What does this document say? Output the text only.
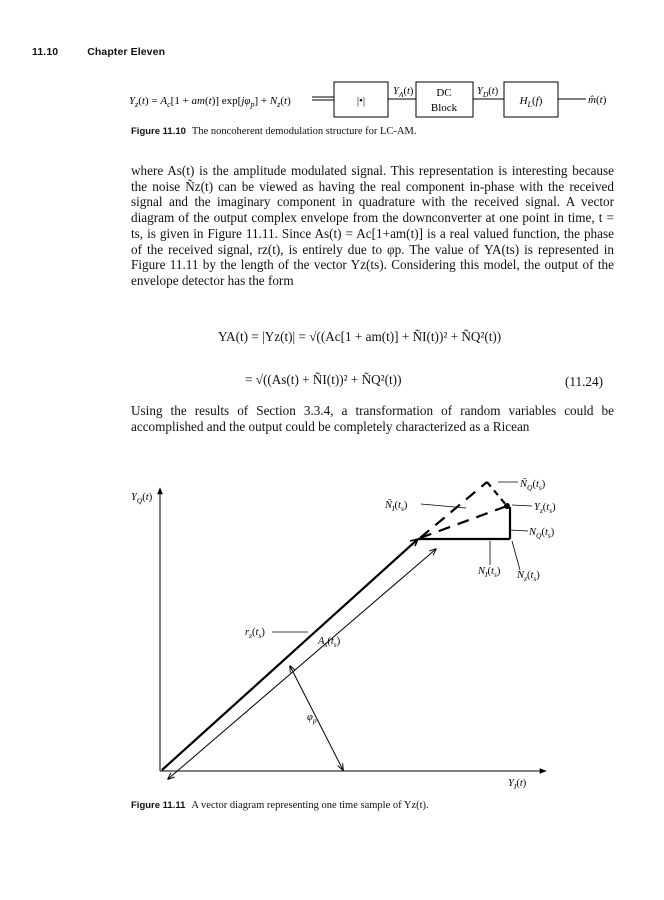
11.10	Chapter Eleven
$Y_z(t) = A_c[1 + am(t)] \exp[j\varphi_p] + N_z(t)$	|•|
$Y_A(t)$ DC
Block
$Y_D(t)$
$H_L(f)$	m̂(t)
Figure 11.10 The noncoherent demodulation structure for LC-AM.
where As(t) is the amplitude modulated signal. This representation is interesting because the noise Ñz(t) can be viewed as having the real component in-phase with the received signal and the imaginary component in quadrature with the received signal. A vector diagram of the output complex envelope from the downconverter at one point in time, t = ts, is given in Figure 11.11. Since As(t) = Ac[1+am(t)] is a real valued function, the phase of the received signal, rz(t), is entirely due to φp. The value of YA(ts) is represented in Figure 11.11 by the length of the vector Yz(ts). Considering this model, the output of the envelope detector has the form
YA(t) = |Yz(t)| = √((Ac[1 + am(t)] + ÑI(t))² + ÑQ²(t))
= √((As(t) + ÑI(t))² + ÑQ²(t))	(11.24)
Using the results of Section 3.3.4, a transformation of random variables could be accomplished and the output could be completely characterized as a Ricean
$Y_Q(t)$
$Y_I(t)$
$r_z(t_s)$
$A_s(t_s)$
$\varphi_p$
$Ñ_I(t_s)$
$Ñ_Q(t_s)$
$Y_z(t_s)$
$N_Q(t_s)$
$N_I(t_s)$ $N_z(t_s)$
Figure 11.11 A vector diagram representing one time sample of Yz(t).
